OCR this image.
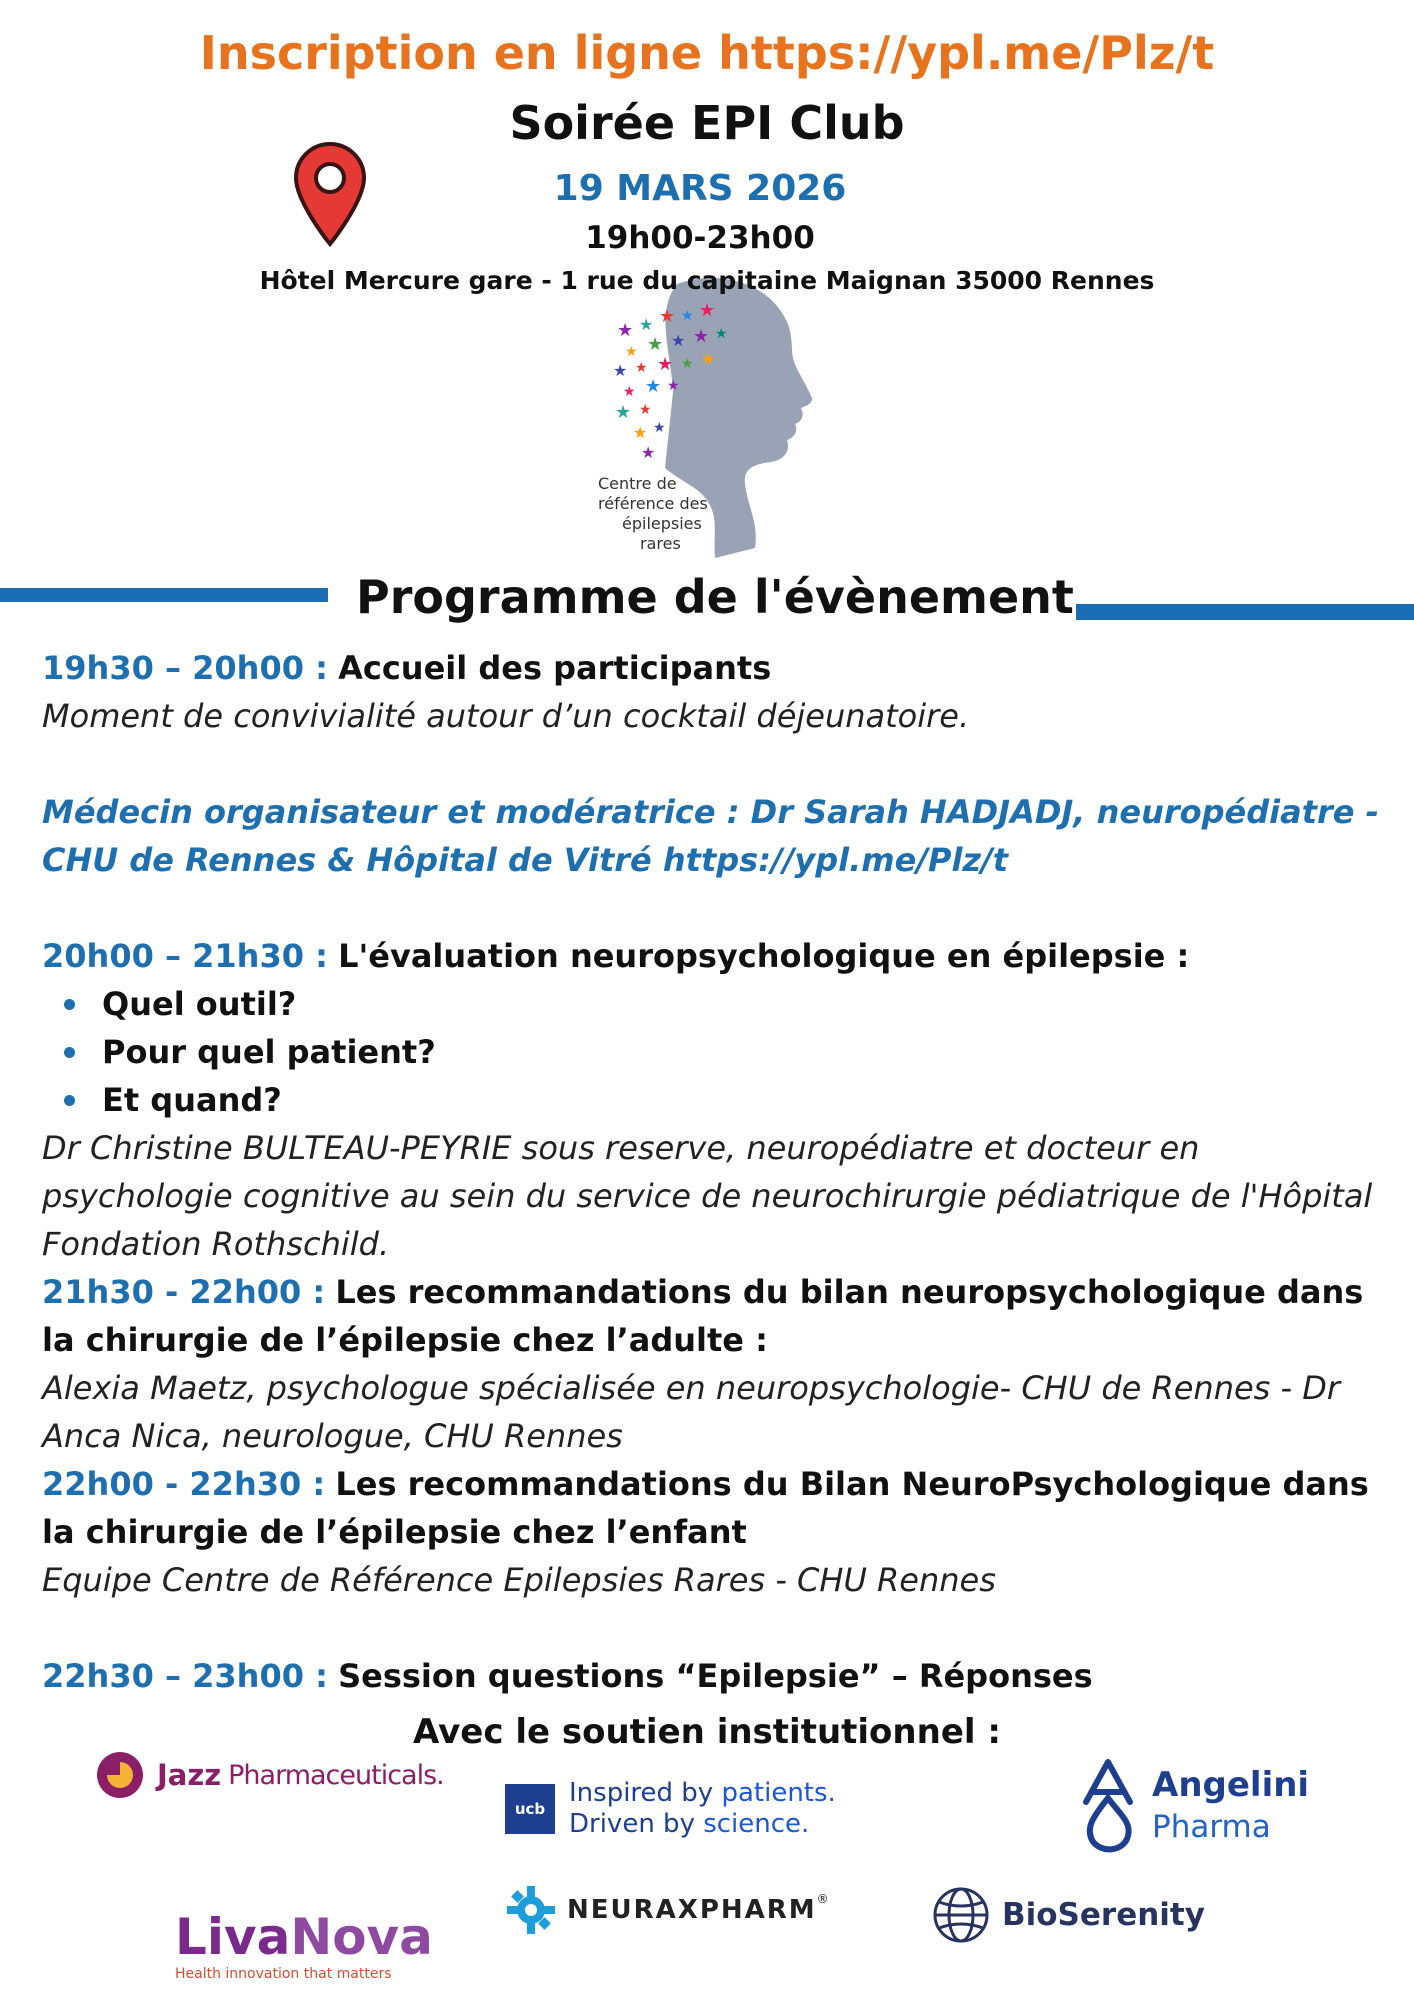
Inscription en ligne https://ypl.me/Plz/t
Soirée EPI Club
19 MARS 2026
19h00-23h00
★ ★ ★ ★ ★
★ ★ ★ ★ ★
★ ★ ★ ★ ★
★ ★ ★
★ ★
★ ★
★
Centre de
référence des
épilepsies
rares
Hôtel Mercure gare - 1 rue du capitaine Maignan 35000 Rennes
Programme de l'évènement

19h30 – 20h00 : Accueil des participants

Moment de convivialité autour d’un cocktail déjeunatoire.

Médecin organisateur et modératrice : Dr Sarah HADJADJ, neuropédiatre - CHU de Rennes & Hôpital de Vitré https://ypl.me/Plz/t

20h00 – 21h30 : L'évaluation neuropsychologique en épilepsie :

Quel outil?
Pour quel patient?
Et quand?

Dr Christine BULTEAU-PEYRIE sous reserve, neuropédiatre et docteur en psychologie cognitive au sein du service de neurochirurgie pédiatrique de l'Hôpital Fondation Rothschild.

21h30 - 22h00 : Les recommandations du bilan neuropsychologique dans la chirurgie de l’épilepsie chez l’adulte :

Alexia Maetz, psychologue spécialisée en neuropsychologie- CHU de Rennes - Dr Anca Nica, neurologue, CHU Rennes

22h00 - 22h30 : Les recommandations du Bilan NeuroPsychologique dans la chirurgie de l’épilepsie chez l’enfant

Equipe Centre de Référence Epilepsies Rares - CHU Rennes

22h30 – 23h00 : Session questions “Epilepsie” – Réponses

Avec le soutien institutionnel :
Jazz Pharmaceuticals.
ucb
Inspired by patients.
Driven by science.
Angelini
Pharma
LivaNova
Health innovation that matters
NEURAXPHARM ®	BioSerenity
